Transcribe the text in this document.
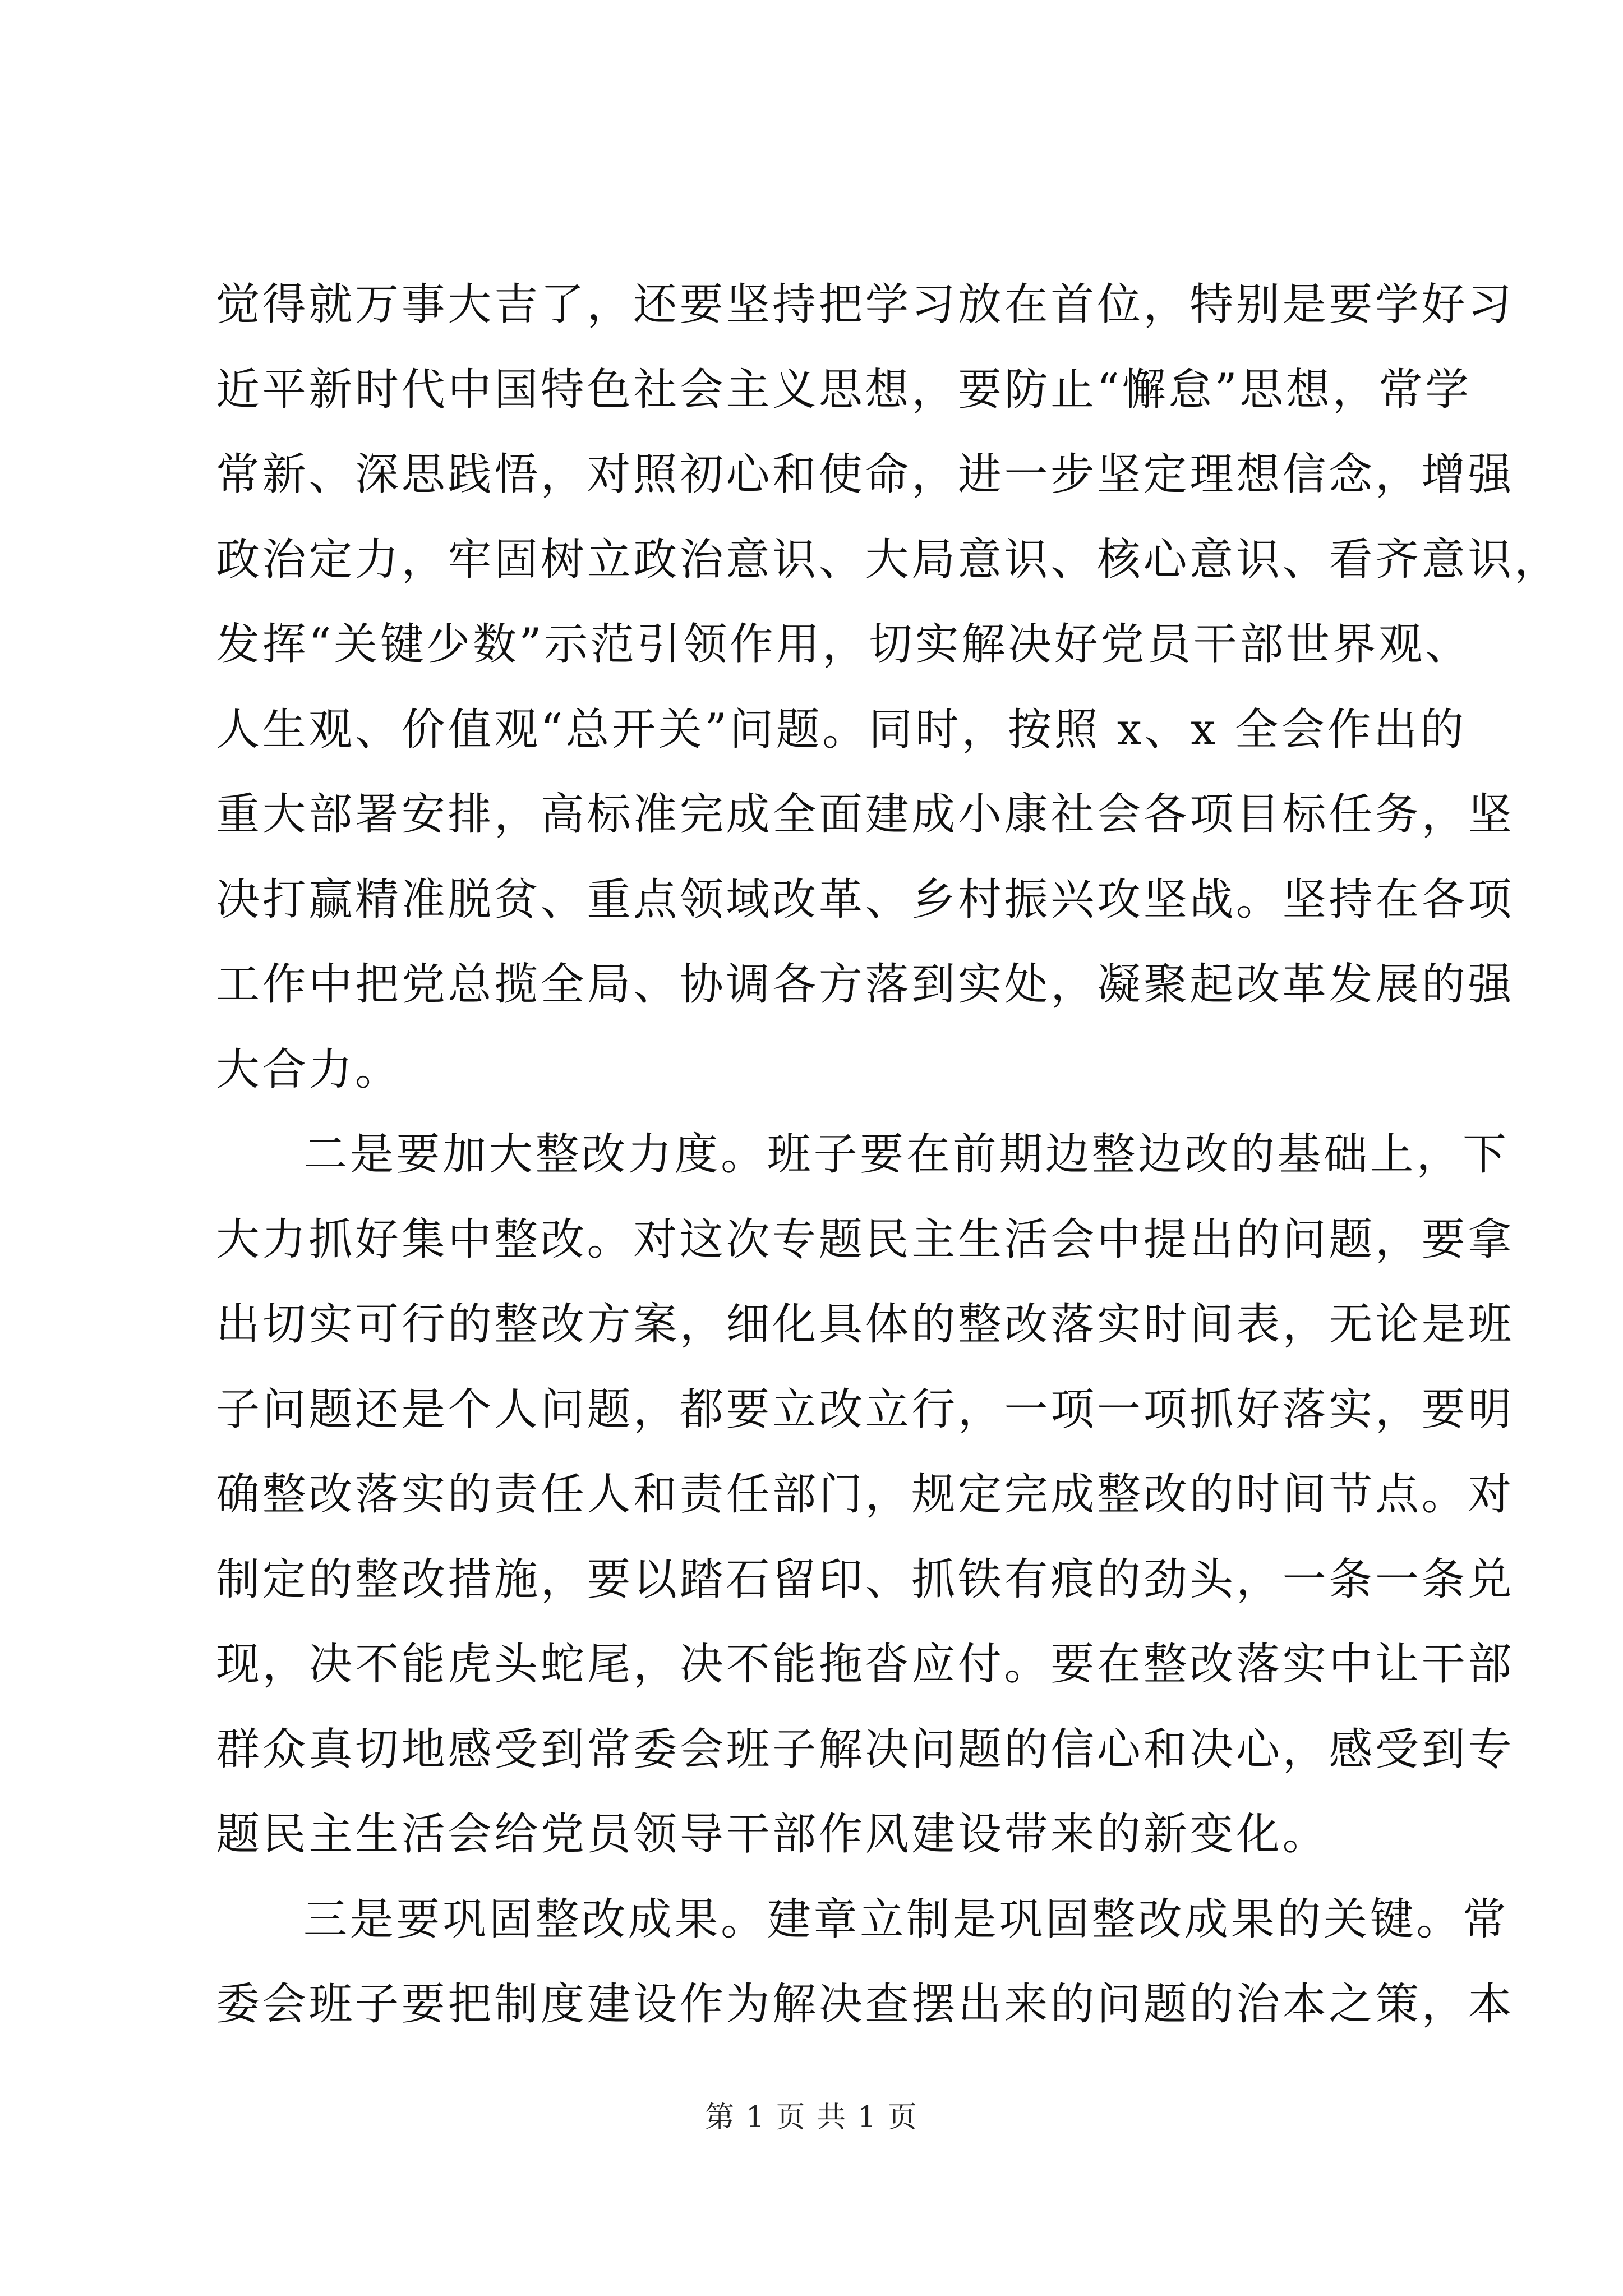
觉得就万事大吉了，还要坚持把学习放在首位，特别是要学好习
近平新时代中国特色社会主义思想，要防止“懈怠”思想，常学
常新、深思践悟，对照初心和使命，进一步坚定理想信念，增强
政治定力，牢固树立政治意识、大局意识、核心意识、看齐意识，
发挥“关键少数”示范引领作用，切实解决好党员干部世界观、
人生观、价值观“总开关”问题。同时，按照 x、x 全会作出的
重大部署安排，高标准完成全面建成小康社会各项目标任务，坚
决打赢精准脱贫、重点领域改革、乡村振兴攻坚战。坚持在各项
工作中把党总揽全局、协调各方落到实处，凝聚起改革发展的强
大合力。
二是要加大整改力度。班子要在前期边整边改的基础上，下
大力抓好集中整改。对这次专题民主生活会中提出的问题，要拿
出切实可行的整改方案，细化具体的整改落实时间表，无论是班
子问题还是个人问题，都要立改立行，一项一项抓好落实，要明
确整改落实的责任人和责任部门，规定完成整改的时间节点。对
制定的整改措施，要以踏石留印、抓铁有痕的劲头，一条一条兑
现，决不能虎头蛇尾，决不能拖沓应付。要在整改落实中让干部
群众真切地感受到常委会班子解决问题的信心和决心，感受到专
题民主生活会给党员领导干部作风建设带来的新变化。
三是要巩固整改成果。建章立制是巩固整改成果的关键。常
委会班子要把制度建设作为解决查摆出来的问题的治本之策，本
第 1 页 共 1 页
